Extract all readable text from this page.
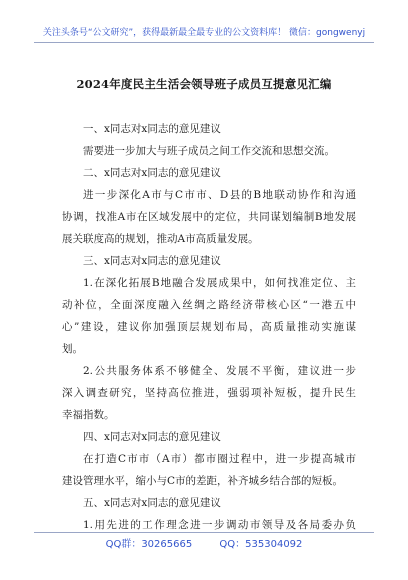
关注头条号“公文研究”，获得最新最全最专业的公文资料库！ 微信：gongwenyj
2024年度民主生活会领导班子成员互提意见汇编
一、x同志对x同志的意见建议
需要进一步加大与班子成员之间工作交流和思想交流。
二、x同志对x同志的意见建议
进一步深化A市与C市市、D县的B地联动协作和沟通
协调，找准A市在区域发展中的定位，共同谋划编制B地发展
展关联度高的规划，推动A市高质量发展。
三、x同志对x同志的意见建议
1.在深化拓展B地融合发展成果中，如何找准定位、主
动补位，全面深度融入丝绸之路经济带核心区“一港五中
心”建设，建议你加强顶层规划布局，高质量推动实施谋
划。
2.公共服务体系不够健全、发展不平衡，建议进一步
深入调查研究，坚持高位推进，强弱项补短板，提升民生
幸福指数。
四、x同志对x同志的意见建议
在打造C市市（A市）都市圈过程中，进一步提高城市
建设管理水平，缩小与C市的差距，补齐城乡结合部的短板。
五、x同志对x同志的意见建议
1.用先进的工作理念进一步调动市领导及各局委办负
QQ群：30265665	QQ：535304092
